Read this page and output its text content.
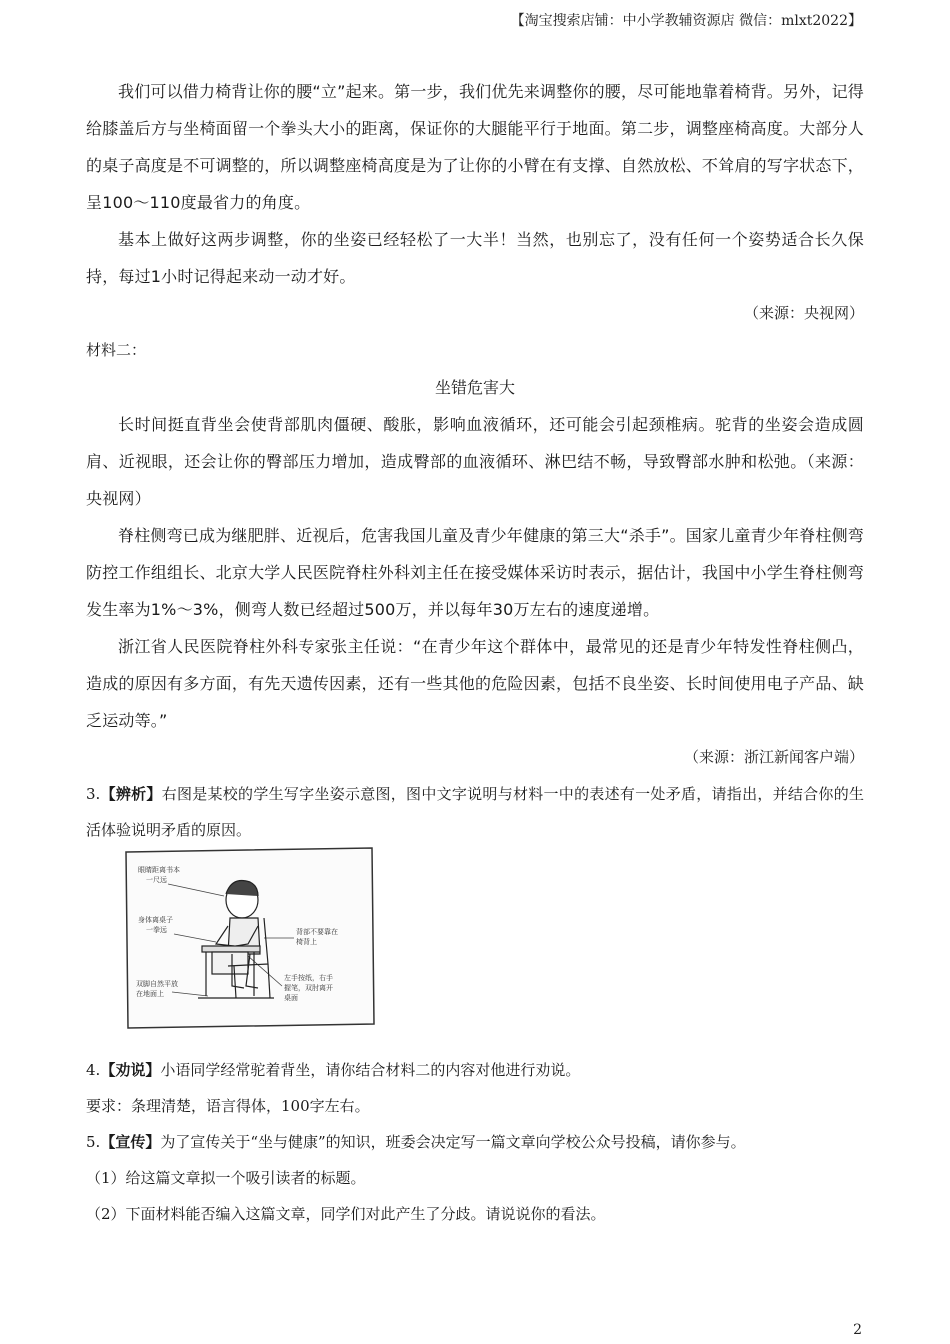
【淘宝搜索店铺：中小学教辅资源店 微信：mlxt2022】

我们可以借力椅背让你的腰“立”起来。第一步，我们优先来调整你的腰，尽可能地靠着椅背。另外，记得给膝盖后方与坐椅面留一个拳头大小的距离，保证你的大腿能平行于地面。第二步，调整座椅高度。大部分人的桌子高度是不可调整的，所以调整座椅高度是为了让你的小臂在有支撑、自然放松、不耸肩的写字状态下，呈100～110度最省力的角度。

基本上做好这两步调整，你的坐姿已经轻松了一大半！当然，也别忘了，没有任何一个姿势适合长久保持，每过1小时记得起来动一动才好。

（来源：央视网）

材料二：

坐错危害大

长时间挺直背坐会使背部肌肉僵硬、酸胀，影响血液循环，还可能会引起颈椎病。驼背的坐姿会造成圆肩、近视眼，还会让你的臀部压力增加，造成臀部的血液循环、淋巴结不畅，导致臀部水肿和松弛。（来源：央视网）

脊柱侧弯已成为继肥胖、近视后，危害我国儿童及青少年健康的第三大“杀手”。国家儿童青少年脊柱侧弯防控工作组组长、北京大学人民医院脊柱外科刘主任在接受媒体采访时表示，据估计，我国中小学生脊柱侧弯发生率为1%～3%，侧弯人数已经超过500万，并以每年30万左右的速度递增。

浙江省人民医院脊柱外科专家张主任说：“在青少年这个群体中，最常见的还是青少年特发性脊柱侧凸，造成的原因有多方面，有先天遗传因素，还有一些其他的危险因素，包括不良坐姿、长时间使用电子产品、缺乏运动等。”

（来源：浙江新闻客户端）

3.【辨析】右图是某校的学生写字坐姿示意图，图中文字说明与材料一中的表述有一处矛盾，请指出，并结合你的生活体验说明矛盾的原因。

眼睛距离书本
一尺远
身体离桌子
一拳远	背部不要靠在
椅背上
双脚自然平放
在地面上
左手按纸，右手
握笔，双肘离开
桌面

4.【劝说】小语同学经常驼着背坐，请你结合材料二的内容对他进行劝说。

要求：条理清楚，语言得体，100字左右。

5.【宣传】为了宣传关于“坐与健康”的知识，班委会决定写一篇文章向学校公众号投稿，请你参与。

（1）给这篇文章拟一个吸引读者的标题。

（2）下面材料能否编入这篇文章，同学们对此产生了分歧。请说说你的看法。

2
